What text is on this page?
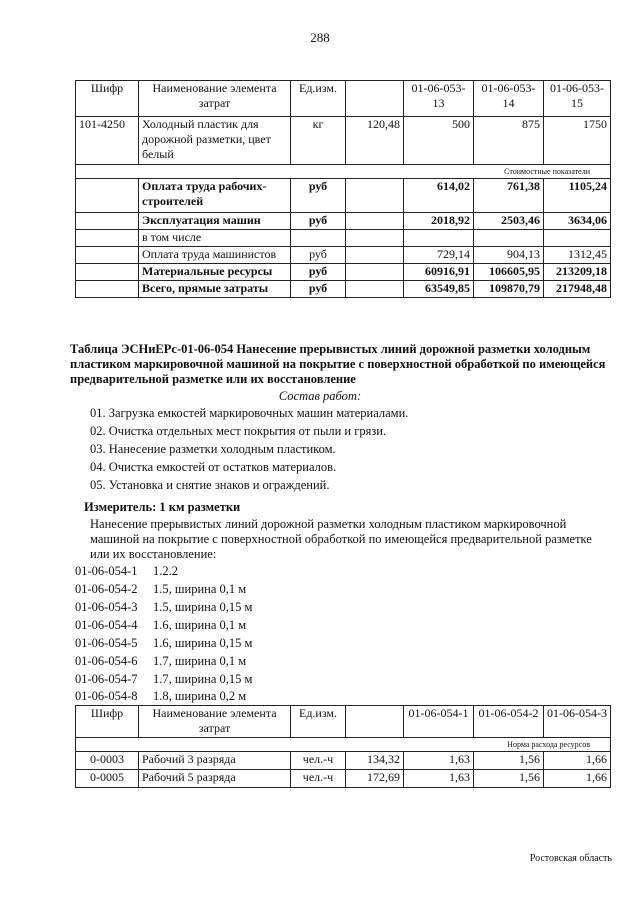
288
Шифр	Наименование элемента затрат	Ед.изм.		01-06-053-13	01-06-053-14	01-06-053-15
101-4250	Холодный пластик для дорожной разметки, цвет белый	кг	120,48	500	875	1750
Стоимостные показатели						
	Оплата труда рабочих-строителей	руб		614,02	761,38	1105,24
	Эксплуатация машин	руб		2018,92	2503,46	3634,06
	в том числе					
	Оплата труда машинистов	руб		729,14	904,13	1312,45
	Материальные ресурсы	руб		60916,91	106605,95	213209,18
	Всего, прямые затраты	руб		63549,85	109870,79	217948,48
Таблица ЭСНиЕРс-01-06-054 Нанесение прерывистых линий дорожной разметки холодным пластиком маркировочной машиной на покрытие с поверхностной обработкой по имеющейся предварительной разметке или их восстановление
Состав работ:
01. Загрузка емкостей маркировочных машин материалами.
02. Очистка отдельных мест покрытия от пыли и грязи.
03. Нанесение разметки холодным пластиком.
04. Очистка емкостей от остатков материалов.
05. Установка и снятие знаков и ограждений.
Измеритель: 1 км разметки
Нанесение прерывистых линий дорожной разметки холодным пластиком маркировочной машиной на покрытие с поверхностной обработкой по имеющейся предварительной разметке или их восстановление:
01-06-054-1 1.2.2
01-06-054-2 1.5, ширина 0,1 м
01-06-054-3 1.5, ширина 0,15 м
01-06-054-4 1.6, ширина 0,1 м
01-06-054-5 1.6, ширина 0,15 м
01-06-054-6 1.7, ширина 0,1 м
01-06-054-7 1.7, ширина 0,15 м
01-06-054-8 1.8, ширина 0,2 м
Шифр	Наименование элемента затрат	Ед.изм.		01-06-054-1	01-06-054-2	01-06-054-3
Норма расхода ресурсов						
0-0003	Рабочий 3 разряда	чел.-ч	134,32	1,63	1,56	1,66
0-0005	Рабочий 5 разряда	чел.-ч	172,69	1,63	1,56	1,66
Ростовская область
